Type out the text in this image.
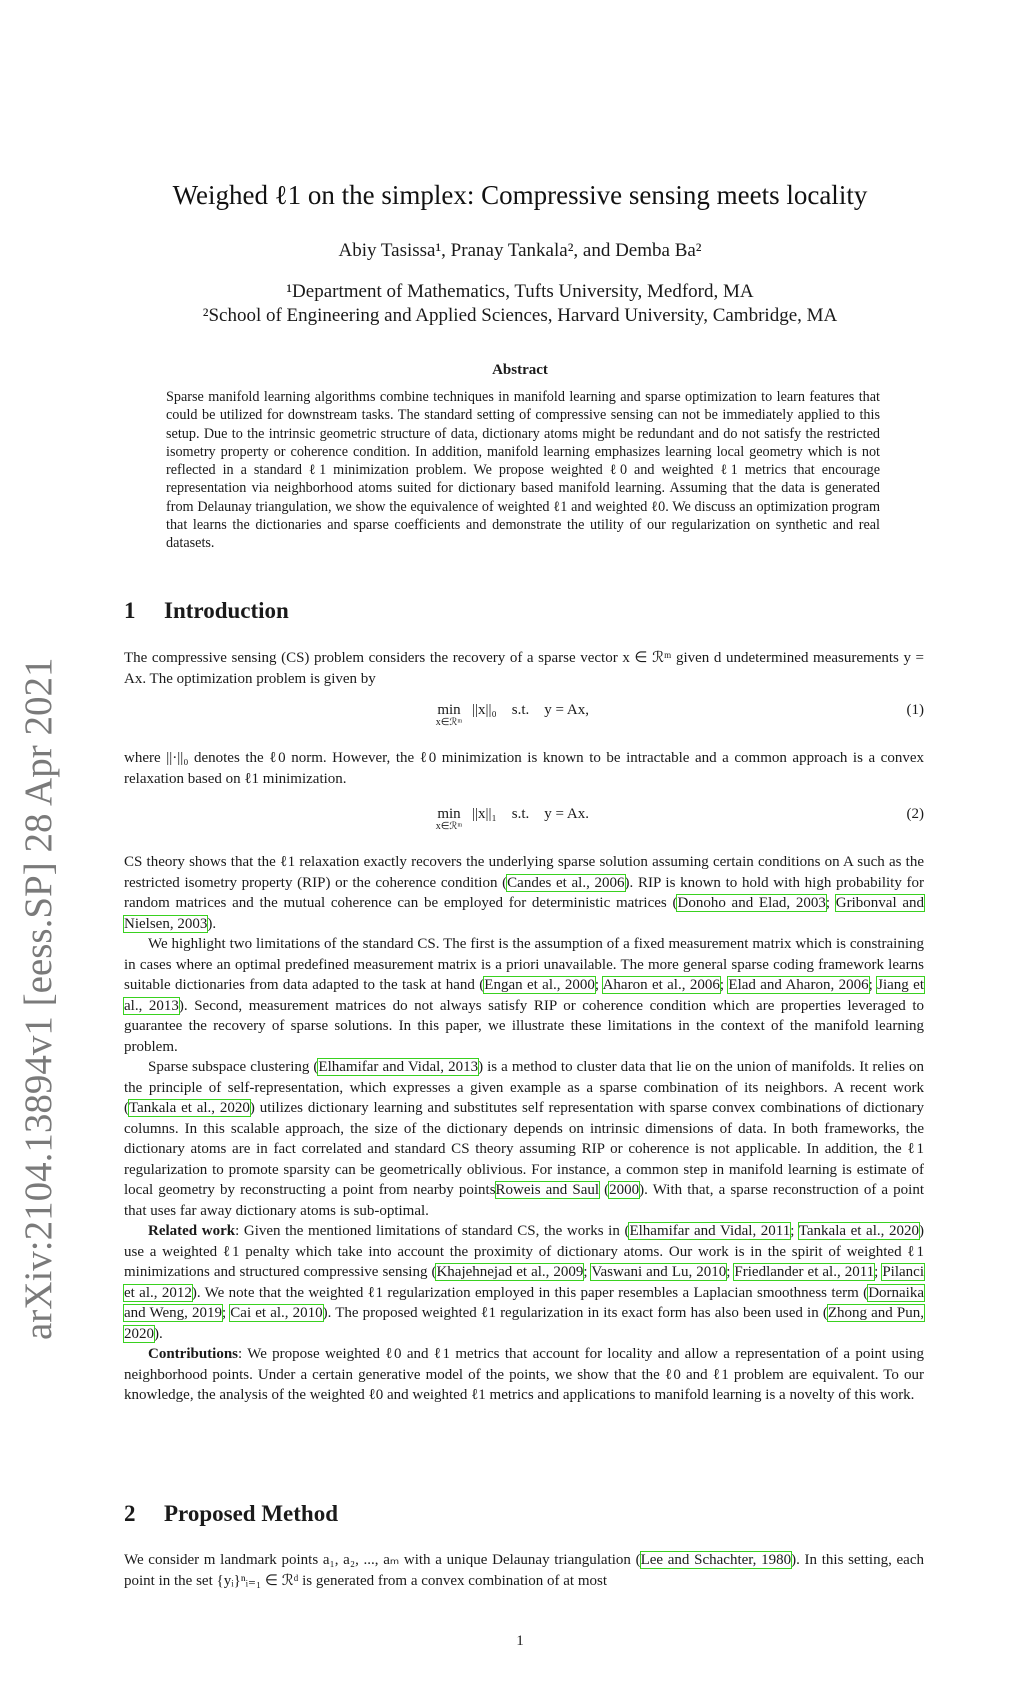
arXiv:2104.13894v1 [eess.SP] 28 Apr 2021
Weighed ℓ1 on the simplex: Compressive sensing meets locality
Abiy Tasissa¹, Pranay Tankala², and Demba Ba²
¹Department of Mathematics, Tufts University, Medford, MA
²School of Engineering and Applied Sciences, Harvard University, Cambridge, MA
Abstract
Sparse manifold learning algorithms combine techniques in manifold learning and sparse optimization to learn features that could be utilized for downstream tasks. The standard setting of compressive sensing can not be immediately applied to this setup. Due to the intrinsic geometric structure of data, dictionary atoms might be redundant and do not satisfy the restricted isometry property or coherence condition. In addition, manifold learning emphasizes learning local geometry which is not reflected in a standard ℓ1 minimization problem. We propose weighted ℓ0 and weighted ℓ1 metrics that encourage representation via neighborhood atoms suited for dictionary based manifold learning. Assuming that the data is generated from Delaunay triangulation, we show the equivalence of weighted ℓ1 and weighted ℓ0. We discuss an optimization program that learns the dictionaries and sparse coefficients and demonstrate the utility of our regularization on synthetic and real datasets.
1 Introduction
The compressive sensing (CS) problem considers the recovery of a sparse vector x ∈ ℛᵐ given d undetermined measurements y = Ax. The optimization problem is given by
min
x∈ℛᵐ
||x||₀    s.t.    y = Ax,	(1)
where ||·||₀ denotes the ℓ0 norm. However, the ℓ0 minimization is known to be intractable and a common approach is a convex relaxation based on ℓ1 minimization.
min
x∈ℛᵐ
||x||₁    s.t.    y = Ax.	(2)

CS theory shows that the ℓ1 relaxation exactly recovers the underlying sparse solution assuming certain conditions on A such as the restricted isometry property (RIP) or the coherence condition (Candes et al., 2006). RIP is known to hold with high probability for random matrices and the mutual coherence can be employed for deterministic matrices (Donoho and Elad, 2003; Gribonval and Nielsen, 2003).

We highlight two limitations of the standard CS. The first is the assumption of a fixed measurement matrix which is constraining in cases where an optimal predefined measurement matrix is a priori unavailable. The more general sparse coding framework learns suitable dictionaries from data adapted to the task at hand (Engan et al., 2000; Aharon et al., 2006; Elad and Aharon, 2006; Jiang et al., 2013). Second, measurement matrices do not always satisfy RIP or coherence condition which are properties leveraged to guarantee the recovery of sparse solutions. In this paper, we illustrate these limitations in the context of the manifold learning problem.

Sparse subspace clustering (Elhamifar and Vidal, 2013) is a method to cluster data that lie on the union of manifolds. It relies on the principle of self-representation, which expresses a given example as a sparse combination of its neighbors. A recent work (Tankala et al., 2020) utilizes dictionary learning and substitutes self representation with sparse convex combinations of dictionary columns. In this scalable approach, the size of the dictionary depends on intrinsic dimensions of data. In both frameworks, the dictionary atoms are in fact correlated and standard CS theory assuming RIP or coherence is not applicable. In addition, the ℓ1 regularization to promote sparsity can be geometrically oblivious. For instance, a common step in manifold learning is estimate of local geometry by reconstructing a point from nearby pointsRoweis and Saul (2000). With that, a sparse reconstruction of a point that uses far away dictionary atoms is sub-optimal.

Related work: Given the mentioned limitations of standard CS, the works in (Elhamifar and Vidal, 2011; Tankala et al., 2020) use a weighted ℓ1 penalty which take into account the proximity of dictionary atoms. Our work is in the spirit of weighted ℓ1 minimizations and structured compressive sensing (Khajehnejad et al., 2009; Vaswani and Lu, 2010; Friedlander et al., 2011; Pilanci et al., 2012). We note that the weighted ℓ1 regularization employed in this paper resembles a Laplacian smoothness term (Dornaika and Weng, 2019; Cai et al., 2010). The proposed weighted ℓ1 regularization in its exact form has also been used in (Zhong and Pun, 2020).

Contributions: We propose weighted ℓ0 and ℓ1 metrics that account for locality and allow a representation of a point using neighborhood points. Under a certain generative model of the points, we show that the ℓ0 and ℓ1 problem are equivalent. To our knowledge, the analysis of the weighted ℓ0 and weighted ℓ1 metrics and applications to manifold learning is a novelty of this work.

2 Proposed Method

We consider m landmark points a₁, a₂, ..., aₘ with a unique Delaunay triangulation (Lee and Schachter, 1980). In this setting, each point in the set {yᵢ}ⁿᵢ₌₁ ∈ ℛᵈ is generated from a convex combination of at most

1
